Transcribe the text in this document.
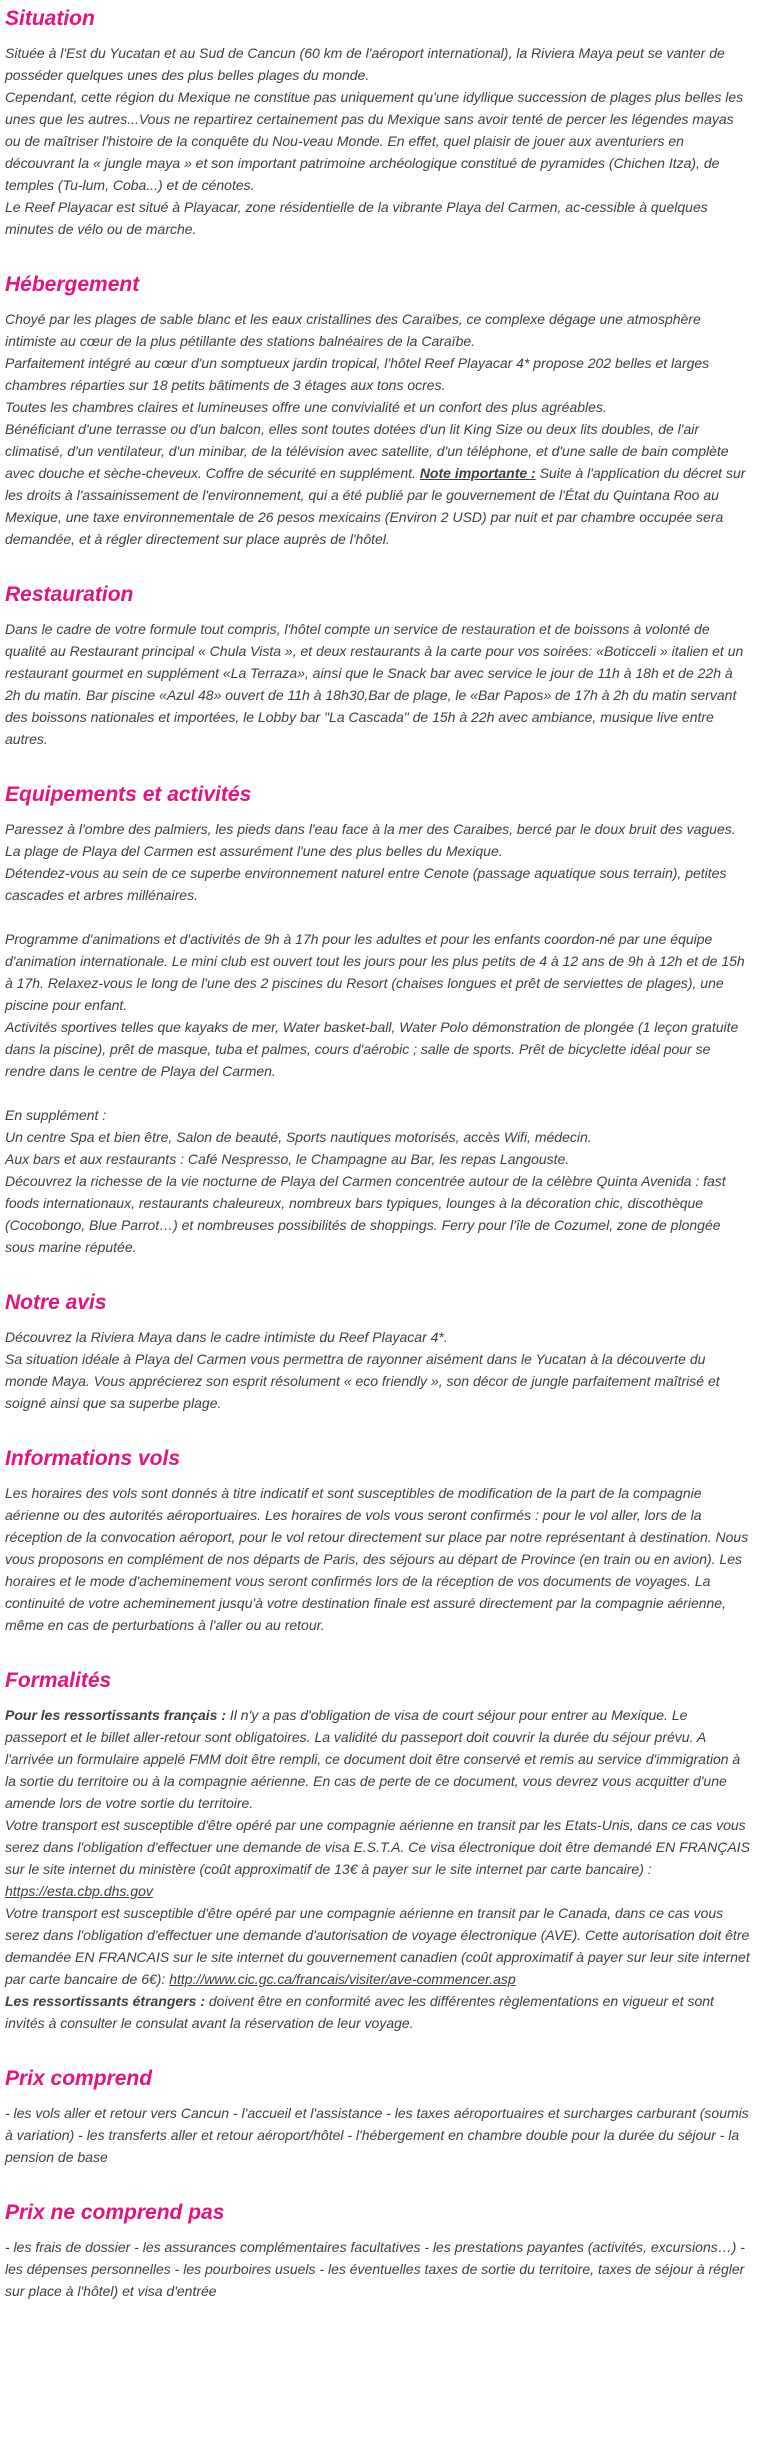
Situation

Située à l'Est du Yucatan et au Sud de Cancun (60 km de l'aéroport international), la Riviera Maya peut se vanter de posséder quelques unes des plus belles plages du monde.

Cependant, cette région du Mexique ne constitue pas uniquement qu'une idyllique succession de plages plus belles les unes que les autres...Vous ne repartirez certainement pas du Mexique sans avoir tenté de percer les légendes mayas ou de maîtriser l'histoire de la conquête du Nou-veau Monde. En effet, quel plaisir de jouer aux aventuriers en découvrant la « jungle maya » et son important patrimoine archéologique constitué de pyramides (Chichen Itza), de temples (Tu-lum, Coba...) et de cénotes.

Le Reef Playacar est situé à Playacar, zone résidentielle de la vibrante Playa del Carmen, ac-cessible à quelques minutes de vélo ou de marche.

Hébergement

Choyé par les plages de sable blanc et les eaux cristallines des Caraïbes, ce complexe dégage une atmosphère intimiste au cœur de la plus pétillante des stations balnéaires de la Caraïbe.

Parfaitement intégré au cœur d'un somptueux jardin tropical, l'hôtel Reef Playacar 4* propose 202 belles et larges chambres réparties sur 18 petits bâtiments de 3 étages aux tons ocres.

Toutes les chambres claires et lumineuses offre une convivialité et un confort des plus agréables.

Bénéficiant d'une terrasse ou d'un balcon, elles sont toutes dotées d'un lit King Size ou deux lits doubles, de l'air climatisé, d'un ventilateur, d'un minibar, de la télévision avec satellite, d'un téléphone, et d'une salle de bain complète avec douche et sèche-cheveux. Coffre de sécurité en supplément. Note importante : Suite à l'application du décret sur les droits à l'assainissement de l'environnement, qui a été publié par le gouvernement de l'État du Quintana Roo au Mexique, une taxe environnementale de 26 pesos mexicains (Environ 2 USD) par nuit et par chambre occupée sera demandée, et à régler directement sur place auprès de l'hôtel.

Restauration

Dans le cadre de votre formule tout compris, l'hôtel compte un service de restauration et de boissons à volonté de qualité au Restaurant principal « Chula Vista », et deux restaurants à la carte pour vos soirées: «Boticceli » italien et un restaurant gourmet en supplément «La Terraza», ainsi que le Snack bar avec service le jour de 11h à 18h et de 22h à 2h du matin. Bar piscine «Azul 48» ouvert de 11h à 18h30,Bar de plage, le «Bar Papos» de 17h à 2h du matin servant des boissons nationales et importées, le Lobby bar "La Cascada" de 15h à 22h avec ambiance, musique live entre autres.

Equipements et activités

Paressez à l'ombre des palmiers, les pieds dans l'eau face à la mer des Caraibes, bercé par le doux bruit des vagues. La plage de Playa del Carmen est assurément l'une des plus belles du Mexique.

Détendez-vous au sein de ce superbe environnement naturel entre Cenote (passage aquatique sous terrain), petites cascades et arbres millénaires.

Programme d'animations et d'activités de 9h à 17h pour les adultes et pour les enfants coordon-né par une équipe d'animation internationale. Le mini club est ouvert tout les jours pour les plus petits de 4 à 12 ans de 9h à 12h et de 15h à 17h. Relaxez-vous le long de l'une des 2 piscines du Resort (chaises longues et prêt de serviettes de plages), une piscine pour enfant.

Activités sportives telles que kayaks de mer, Water basket-ball, Water Polo démonstration de plongée (1 leçon gratuite dans la piscine), prêt de masque, tuba et palmes, cours d'aérobic ; salle de sports. Prêt de bicyclette idéal pour se rendre dans le centre de Playa del Carmen.

En supplément :

Un centre Spa et bien être, Salon de beauté, Sports nautiques motorisés, accès Wifi, médecin.

Aux bars et aux restaurants : Café Nespresso, le Champagne au Bar, les repas Langouste.

Découvrez la richesse de la vie nocturne de Playa del Carmen concentrée autour de la célèbre Quinta Avenida : fast foods internationaux, restaurants chaleureux, nombreux bars typiques, lounges à la décoration chic, discothèque (Cocobongo, Blue Parrot…) et nombreuses possibilités de shoppings. Ferry pour l'île de Cozumel, zone de plongée sous marine réputée.

Notre avis

Découvrez la Riviera Maya dans le cadre intimiste du Reef Playacar 4*.

Sa situation idéale à Playa del Carmen vous permettra de rayonner aisément dans le Yucatan à la découverte du monde Maya. Vous apprécierez son esprit résolument « eco friendly », son décor de jungle parfaitement maîtrisé et soigné ainsi que sa superbe plage.

Informations vols

Les horaires des vols sont donnés à titre indicatif et sont susceptibles de modification de la part de la compagnie aérienne ou des autorités aéroportuaires. Les horaires de vols vous seront confirmés : pour le vol aller, lors de la réception de la convocation aéroport, pour le vol retour directement sur place par notre représentant à destination. Nous vous proposons en complément de nos départs de Paris, des séjours au départ de Province (en train ou en avion). Les horaires et le mode d'acheminement vous seront confirmés lors de la réception de vos documents de voyages. La continuité de votre acheminement jusqu'à votre destination finale est assuré directement par la compagnie aérienne, même en cas de perturbations à l'aller ou au retour.

Formalités

Pour les ressortissants français : Il n'y a pas d'obligation de visa de court séjour pour entrer au Mexique. Le passeport et le billet aller-retour sont obligatoires. La validité du passeport doit couvrir la durée du séjour prévu. A l'arrivée un formulaire appelé FMM doit être rempli, ce document doit être conservé et remis au service d'immigration à la sortie du territoire ou à la compagnie aérienne. En cas de perte de ce document, vous devrez vous acquitter d'une amende lors de votre sortie du territoire.

Votre transport est susceptible d'être opéré par une compagnie aérienne en transit par les Etats-Unis, dans ce cas vous serez dans l'obligation d'effectuer une demande de visa E.S.T.A. Ce visa électronique doit être demandé EN FRANÇAIS sur le site internet du ministère (coût approximatif de 13€ à payer sur le site internet par carte bancaire) :

https://esta.cbp.dhs.gov

Votre transport est susceptible d'être opéré par une compagnie aérienne en transit par le Canada, dans ce cas vous serez dans l'obligation d'effectuer une demande d'autorisation de voyage électronique (AVE). Cette autorisation doit être demandée EN FRANCAIS sur le site internet du gouvernement canadien (coût approximatif à payer sur leur site internet par carte bancaire de 6€): http://www.cic.gc.ca/francais/visiter/ave-commencer.asp

Les ressortissants étrangers : doivent être en conformité avec les différentes règlementations en vigueur et sont invités à consulter le consulat avant la réservation de leur voyage.

Prix comprend

- les vols aller et retour vers Cancun - l'accueil et l'assistance - les taxes aéroportuaires et surcharges carburant (soumis à variation) - les transferts aller et retour aéroport/hôtel - l'hébergement en chambre double pour la durée du séjour - la pension de base

Prix ne comprend pas

- les frais de dossier - les assurances complémentaires facultatives - les prestations payantes (activités, excursions…) - les dépenses personnelles - les pourboires usuels - les éventuelles taxes de sortie du territoire, taxes de séjour à régler sur place à l'hôtel) et visa d'entrée
